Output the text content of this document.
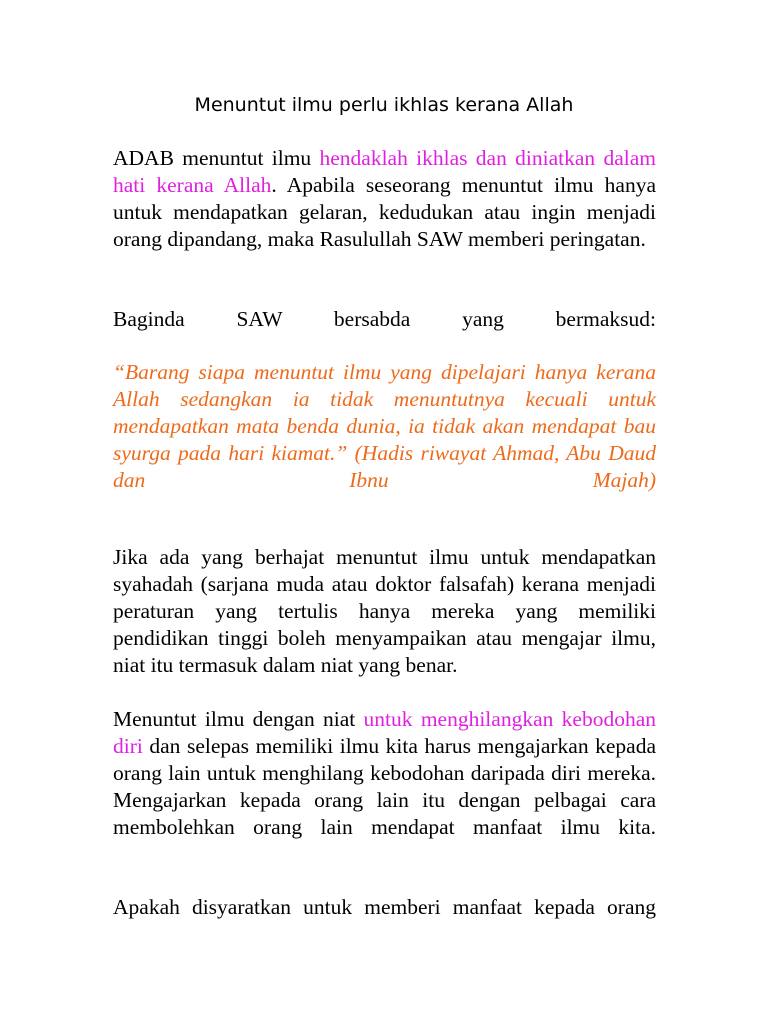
Menuntut ilmu perlu ikhlas kerana Allah

ADAB menuntut ilmu hendaklah ikhlas dan diniatkan dalam hati kerana Allah. Apabila seseorang menuntut ilmu hanya untuk mendapatkan gelaran, kedudukan atau ingin menjadi orang dipandang, maka Rasulullah SAW memberi peringatan.

Baginda SAW bersabda yang bermaksud:

“Barang siapa menuntut ilmu yang dipelajari hanya kerana Allah sedangkan ia tidak menuntutnya kecuali untuk mendapatkan mata benda dunia, ia tidak akan mendapat bau syurga pada hari kiamat.” (Hadis riwayat Ahmad, Abu Daud dan Ibnu Majah)

Jika ada yang berhajat menuntut ilmu untuk mendapatkan syahadah (sarjana muda atau doktor falsafah) kerana menjadi peraturan yang tertulis hanya mereka yang memiliki pendidikan tinggi boleh menyampaikan atau mengajar ilmu, niat itu termasuk dalam niat yang benar.

Menuntut ilmu dengan niat untuk menghilangkan kebodohan diri dan selepas memiliki ilmu kita harus mengajarkan kepada orang lain untuk menghilang kebodohan daripada diri mereka. Mengajarkan kepada orang lain itu dengan pelbagai cara membolehkan orang lain mendapat manfaat ilmu kita.

Apakah disyaratkan untuk memberi manfaat kepada orang
